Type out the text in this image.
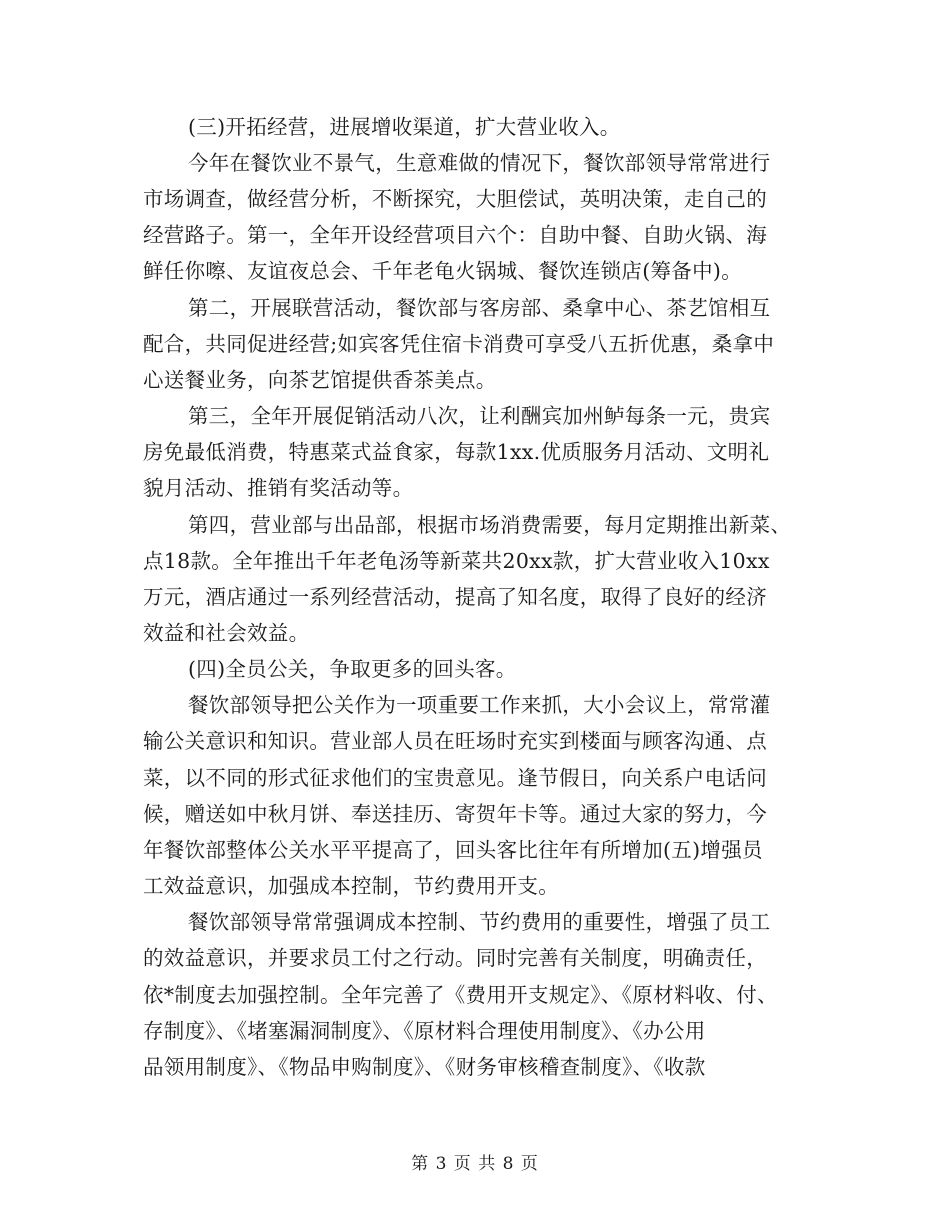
(三)开拓经营，进展增收渠道，扩大营业收入。
今年在餐饮业不景气，生意难做的情况下，餐饮部领导常常进行
市场调查，做经营分析，不断探究，大胆偿试，英明决策，走自己的
经营路子。第一，全年开设经营项目六个：自助中餐、自助火锅、海
鲜任你嚓、友谊夜总会、千年老龟火锅城、餐饮连锁店(筹备中)。
第二，开展联营活动，餐饮部与客房部、桑拿中心、茶艺馆相互
配合，共同促进经营;如宾客凭住宿卡消费可享受八五折优惠，桑拿中
心送餐业务，向茶艺馆提供香茶美点。
第三，全年开展促销活动八次，让利酬宾加州鲈每条一元，贵宾
房免最低消费，特惠菜式益食家，每款1xx.优质服务月活动、文明礼
貌月活动、推销有奖活动等。
第四，营业部与出品部，根据市场消费需要，每月定期推出新菜、
点18款。全年推出千年老龟汤等新菜共20xx款，扩大营业收入10xx
万元，酒店通过一系列经营活动，提高了知名度，取得了良好的经济
效益和社会效益。
(四)全员公关，争取更多的回头客。
餐饮部领导把公关作为一项重要工作来抓，大小会议上，常常灌
输公关意识和知识。营业部人员在旺场时充实到楼面与顾客沟通、点
菜，以不同的形式征求他们的宝贵意见。逢节假日，向关系户电话问
候，赠送如中秋月饼、奉送挂历、寄贺年卡等。通过大家的努力，今
年餐饮部整体公关水平平提高了，回头客比往年有所增加(五)增强员
工效益意识，加强成本控制，节约费用开支。
餐饮部领导常常强调成本控制、节约费用的重要性，增强了员工
的效益意识，并要求员工付之行动。同时完善有关制度，明确责任，
依*制度去加强控制。全年完善了《费用开支规定》、《原材料收、付、
存制度》、《堵塞漏洞制度》、《原材料合理使用制度》、《办公用
品领用制度》、《物品申购制度》、《财务审核稽查制度》、《收款
第 3 页 共 8 页
